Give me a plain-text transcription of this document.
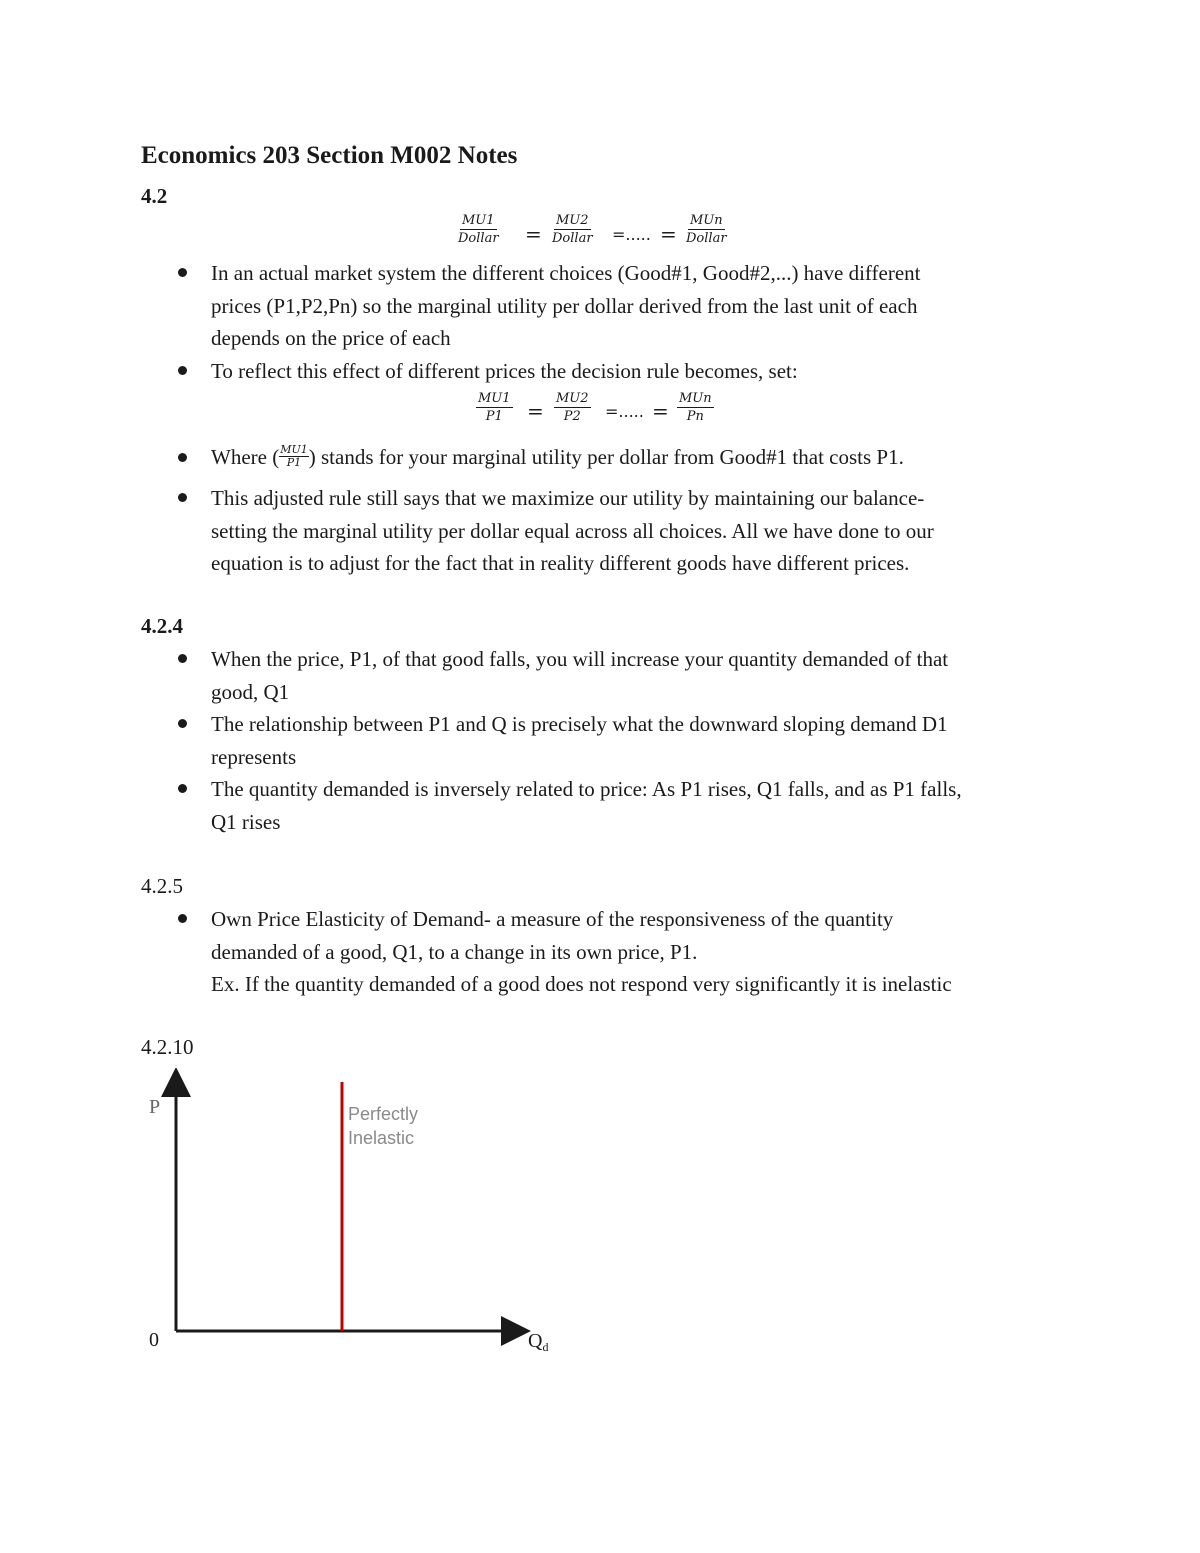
Economics 203 Section M002 Notes
4.2
MU1
Dollar =
MU2
Dollar =..... =
MUn
Dollar
In an actual market system the different choices (Good#1, Good#2,...) have different
prices (P1,P2,Pn) so the marginal utility per dollar derived from the last unit of each
depends on the price of each
To reflect this effect of different prices the decision rule becomes, set:
$\frac{MU1}{P1} = \frac{MU2}{P2}$ =..... =
MUn
Pn
Where ( $\frac{MU1}{P1}$ ) stands for your marginal utility per dollar from Good#1 that costs P1.
This adjusted rule still says that we maximize our utility by maintaining our balance-
setting the marginal utility per dollar equal across all choices. All we have done to our
equation is to adjust for the fact that in reality different goods have different prices.
4.2.4
When the price, P1, of that good falls, you will increase your quantity demanded of that
good, Q1
The relationship between P1 and Q is precisely what the downward sloping demand D1
represents
The quantity demanded is inversely related to price: As P1 rises, Q1 falls, and as P1 falls,
Q1 rises
4.2.5
Own Price Elasticity of Demand- a measure of the responsiveness of the quantity
demanded of a good, Q1, to a change in its own price, P1.
Ex. If the quantity demanded of a good does not respond very significantly it is inelastic
4.2.10
P
0	$Q_d$
Perfectly
Inelastic
